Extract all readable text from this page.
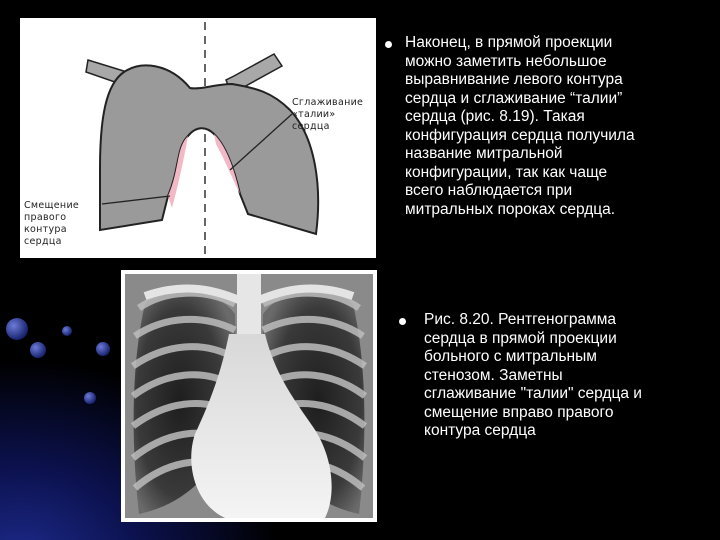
Сглаживание
«талии» сердца
Смещение
правого
контура
сердца

Наконец, в прямой проекции

можно заметить небольшое

выравнивание левого контура

сердца и сглаживание “талии”

сердца (рис. 8.19). Такая

конфигурация сердца получила

название митральной

конфигурации, так как чаще

всего наблюдается при

митральных пороках сердца.

Рис. 8.20. Рентгенограмма

сердца в прямой проекции

больного с митральным

стенозом. Заметны

сглаживание "талии" сердца и

смещение вправо правого

контура сердца
